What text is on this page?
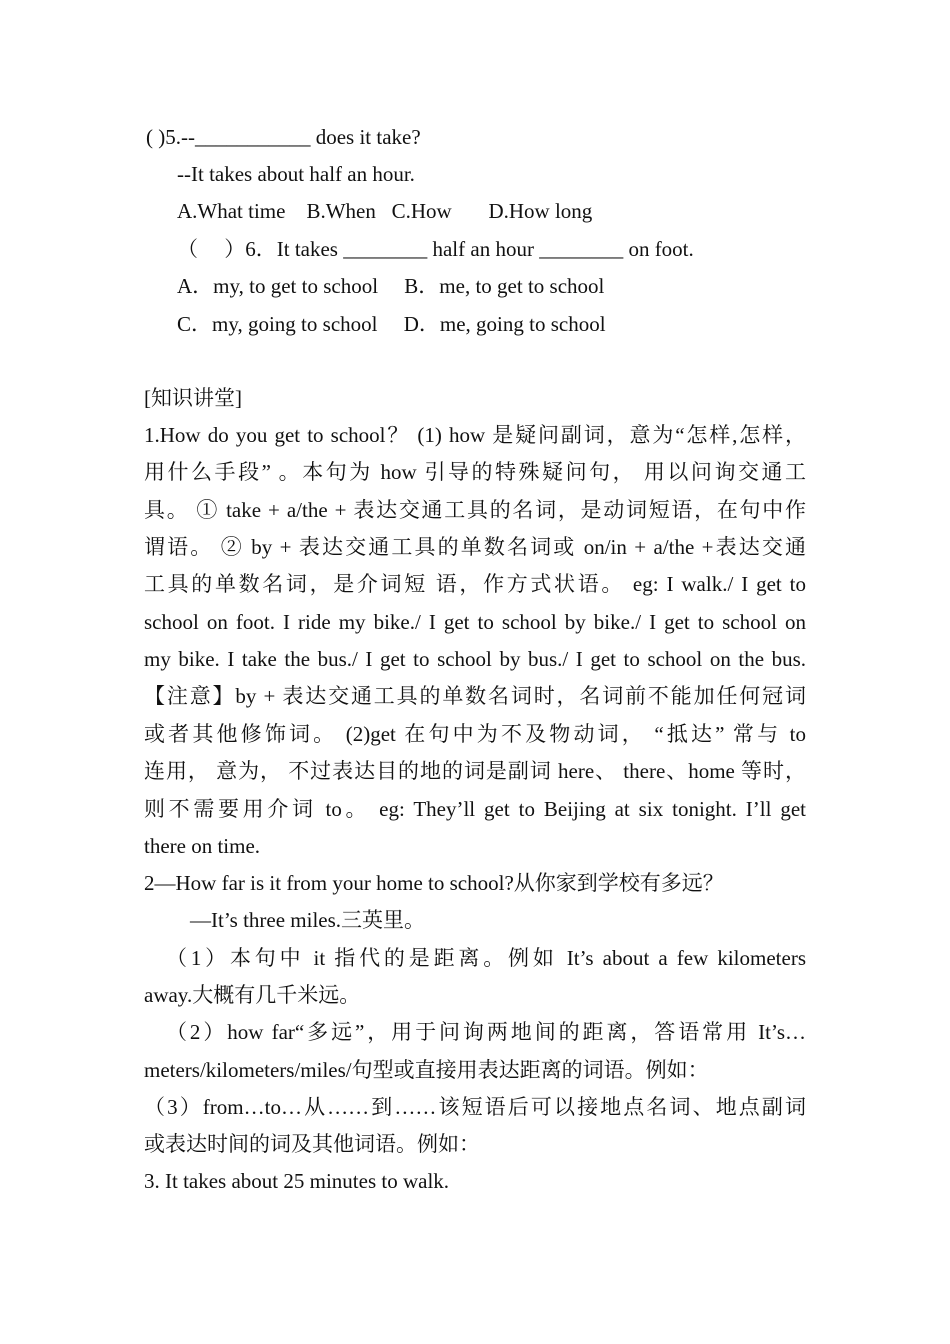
( )5.--___________ does it take?
--It takes about half an hour.
A.What time    B.When   C.How       D.How long
（     ）6．It takes ________ half an hour ________ on foot.
A．my, to get to school     B．me, to get to school
C．my, going to school     D．me, going to school
[知识讲堂]
1.How do you get to school？ (1) how 是疑问副词，意为“怎样,怎样，
用什么手段” 。本句为 how 引导的特殊疑问句， 用以问询交通工
具。 ① take + a/the + 表达交通工具的名词，是动词短语，在句中作
谓语。 ② by + 表达交通工具的单数名词或 on/in + a/the +表达交通
工具的单数名词，是介词短 语，作方式状语。 eg: I walk./ I get to
school on foot. I ride my bike./ I get to school by bike./ I get to school on
my bike. I take the bus./ I get to school by bus./ I get to school on the bus.
【注意】by + 表达交通工具的单数名词时，名词前不能加任何冠词
或者其他修饰词。 (2)get 在句中为不及物动词， “抵达” 常与 to
连用， 意为， 不过表达目的地的词是副词 here、 there、home 等时，
则不需要用介词 to。 eg: They’ll get to Beijing at six tonight. I’ll get
there on time.
2—How far is it from your home to school?从你家到学校有多远？
—It’s three miles.三英里。
（1）本句中 it 指代的是距离。例如 It’s about a few kilometers
away.大概有几千米远。
（2）how far“多远”，用于问询两地间的距离，答语常用 It’s…
meters/kilometers/miles/句型或直接用表达距离的词语。例如：
（3）from…to…从……到……该短语后可以接地点名词、地点副词
或表达时间的词及其他词语。例如：
3. It takes about 25 minutes to walk.
